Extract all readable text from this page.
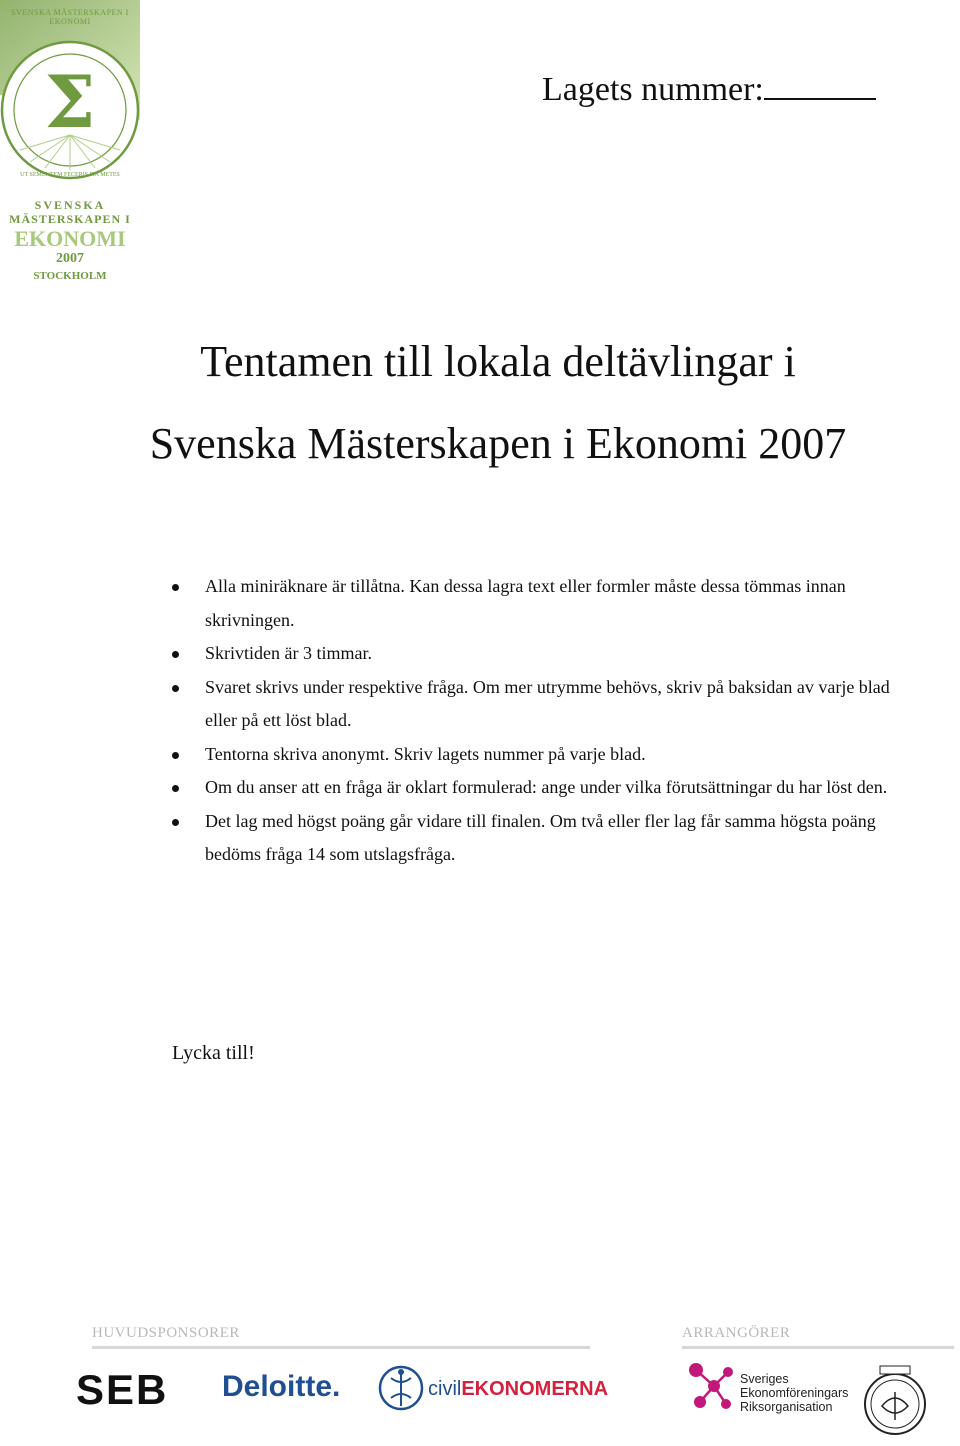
SVENSKA MÄSTERSKAPEN I EKONOMI
Σ
UT SEMENTEM FECERIS ITA METES
SVENSKA
MÄSTERSKAPEN I
EKONOMI
2007
STOCKHOLM
Lagets nummer:
Tentamen till lokala deltävlingar i
Svenska Mästerskapen i Ekonomi 2007
Alla miniräknare är tillåtna. Kan dessa lagra text eller formler måste dessa tömmas innan skrivningen.
Skrivtiden är 3 timmar.
Svaret skrivs under respektive fråga. Om mer utrymme behövs, skriv på baksidan av varje blad eller på ett löst blad.
Tentorna skriva anonymt. Skriv lagets nummer på varje blad.
Om du anser att en fråga är oklart formulerad: ange under vilka förutsättningar du har löst den.
Det lag med högst poäng går vidare till finalen. Om två eller fler lag får samma högsta poäng bedöms fråga 14 som utslagsfråga.
Lycka till!
HUVUDSPONSORER	ARRANGÖRER
SEB Deloitte.	civilEKONOMERNA	Sveriges
Ekonomföreningars
Riksorganisation
